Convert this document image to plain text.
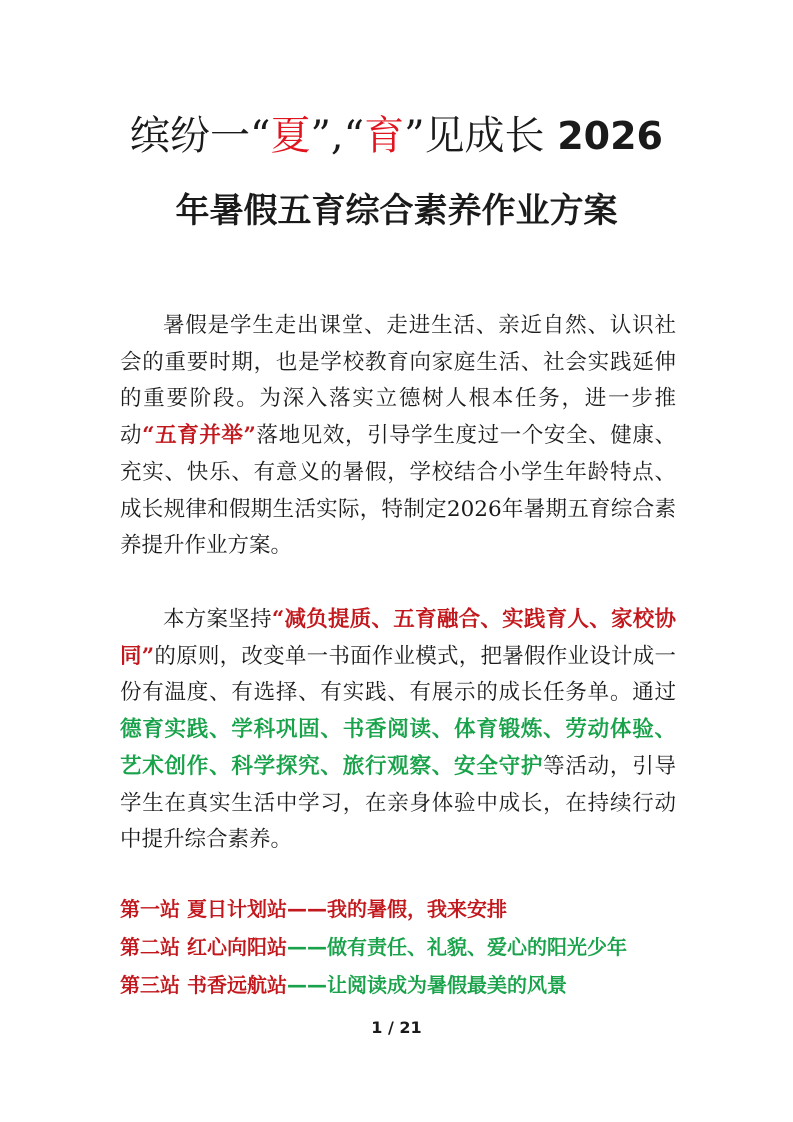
缤纷一“夏”,“育”见成长 2026
年暑假五育综合素养作业方案
暑假是学生走出课堂、走进生活、亲近自然、认识社会的重要时期，也是学校教育向家庭生活、社会实践延伸的重要阶段。为深入落实立德树人根本任务，进一步推动“五育并举”落地见效，引导学生度过一个安全、健康、充实、快乐、有意义的暑假，学校结合小学生年龄特点、成长规律和假期生活实际，特制定2026年暑期五育综合素养提升作业方案。
本方案坚持“减负提质、五育融合、实践育人、家校协同”的原则，改变单一书面作业模式，把暑假作业设计成一份有温度、有选择、有实践、有展示的成长任务单。通过德育实践、学科巩固、书香阅读、体育锻炼、劳动体验、艺术创作、科学探究、旅行观察、安全守护等活动，引导学生在真实生活中学习，在亲身体验中成长，在持续行动中提升综合素养。
第一站 夏日计划站——我的暑假，我来安排
第二站 红心向阳站——做有责任、礼貌、爱心的阳光少年
第三站 书香远航站——让阅读成为暑假最美的风景
1 / 21
